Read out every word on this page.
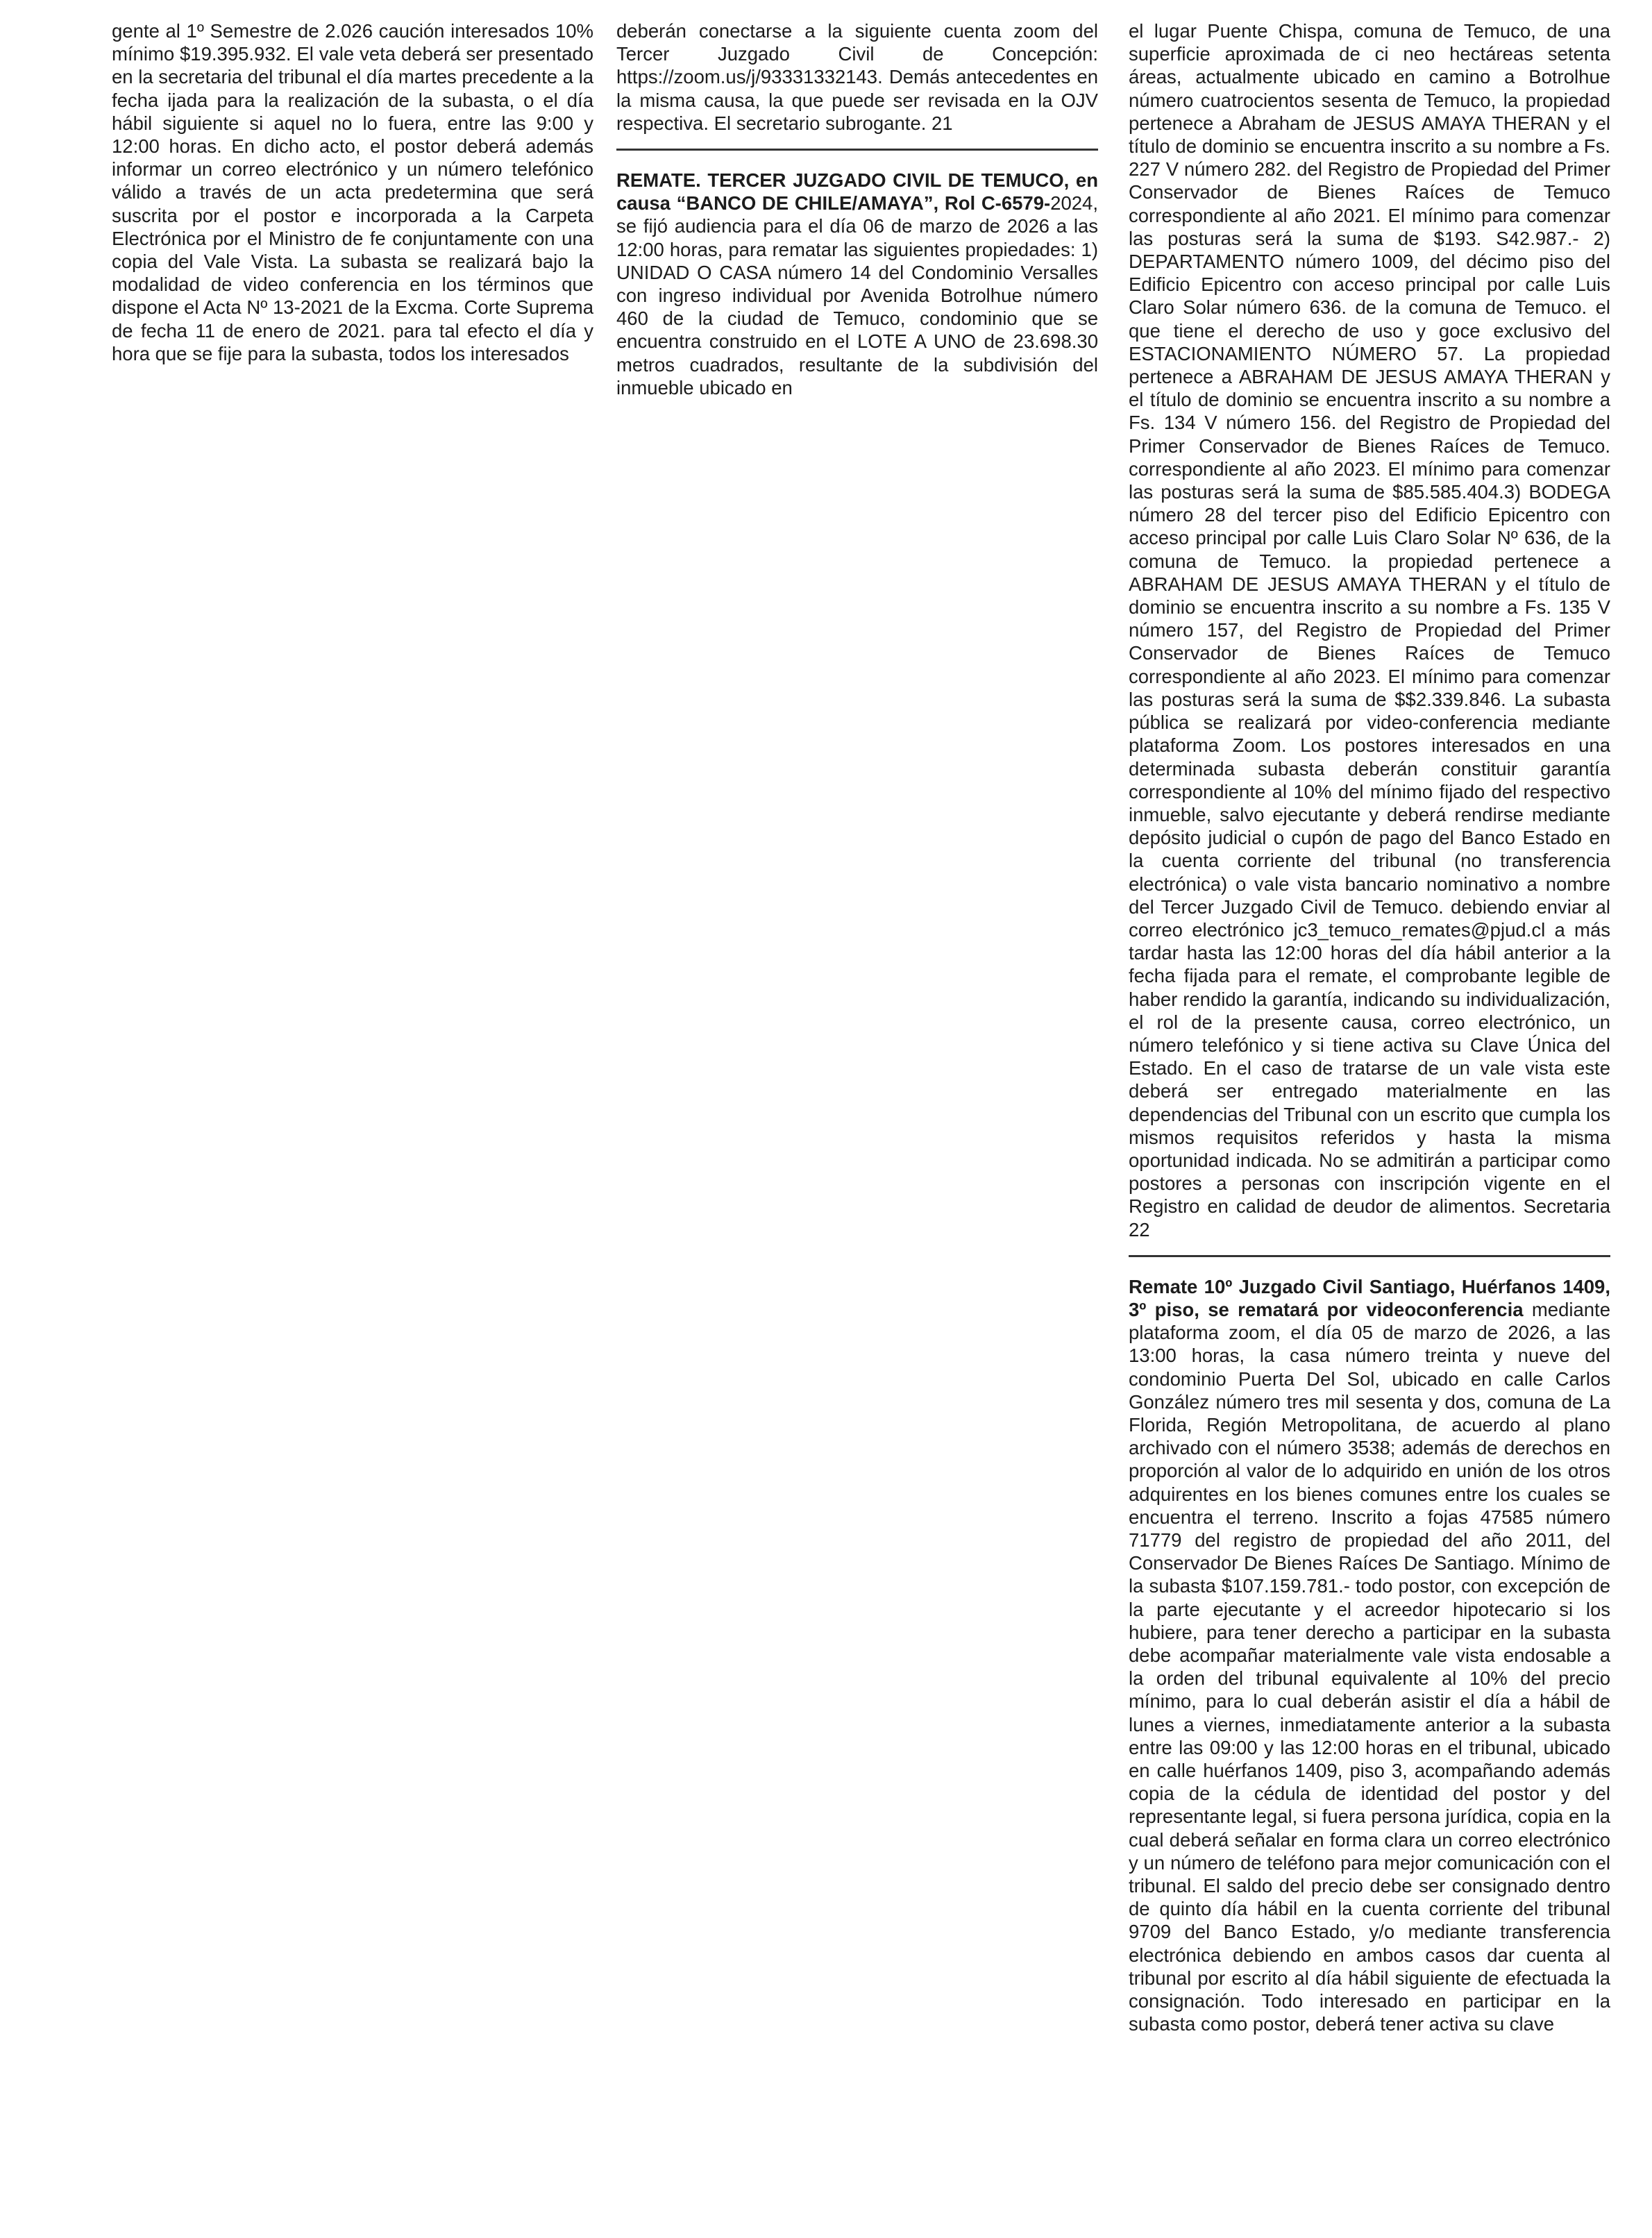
gente al 1º Semestre de 2.026 caución interesados 10% mínimo $19.395.932. El vale veta deberá ser presentado en la secretaria del tribunal el día martes precedente a la fecha ijada para la realización de la subasta, o el día hábil siguiente si aquel no lo fuera, entre las 9:00 y 12:00 horas. En dicho acto, el postor deberá además informar un correo electrónico y un número telefónico válido a través de un acta predetermina que será suscrita por el postor e incorporada a la Carpeta Electrónica por el Ministro de fe conjuntamente con una copia del Vale Vista. La subasta se realizará bajo la modalidad de video conferencia en los términos que dispone el Acta Nº 13-2021 de la Excma. Corte Suprema de fecha 11 de enero de 2021. para tal efecto el día y hora que se fije para la subasta, todos los interesados

deberán conectarse a la siguiente cuenta zoom del Tercer Juzgado Civil de Concepción: https://zoom.us/j/93331332143. Demás antecedentes en la misma causa, la que puede ser revisada en la OJV respectiva. El secretario subrogante. 21

REMATE. TERCER JUZGADO CIVIL DE TEMUCO, en causa “BANCO DE CHILE/AMAYA”, Rol C-6579-2024, se fijó audiencia para el día 06 de marzo de 2026 a las 12:00 horas, para rematar las siguientes propiedades: 1) UNIDAD O CASA número 14 del Condominio Versalles con ingreso individual por Avenida Botrolhue número 460 de la ciudad de Temuco, condominio que se encuentra construido en el LOTE A UNO de 23.698.30 metros cuadrados, resultante de la subdivisión del inmueble ubicado en

el lugar Puente Chispa, comuna de Temuco, de una superficie aproximada de ci neo hectáreas setenta áreas, actualmente ubicado en camino a Botrolhue número cuatrocientos sesenta de Temuco, la propiedad pertenece a Abraham de JESUS AMAYA THERAN y el título de dominio se encuentra inscrito a su nombre a Fs. 227 V número 282. del Registro de Propiedad del Primer Conservador de Bienes Raíces de Temuco correspondiente al año 2021. El mínimo para comenzar las posturas será la suma de $193. S42.987.- 2) DEPARTAMENTO número 1009, del décimo piso del Edificio Epicentro con acceso principal por calle Luis Claro Solar número 636. de la comuna de Temuco. el que tiene el derecho de uso y goce exclusivo del ESTACIONAMIENTO NÚMERO 57. La propiedad pertenece a ABRAHAM DE JESUS AMAYA THERAN y el título de dominio se encuentra inscrito a su nombre a Fs. 134 V número 156. del Registro de Propiedad del Primer Conservador de Bienes Raíces de Temuco. correspondiente al año 2023. El mínimo para comenzar las posturas será la suma de $85.585.404.3) BODEGA número 28 del tercer piso del Edificio Epicentro con acceso principal por calle Luis Claro Solar Nº 636, de la comuna de Temuco. la propiedad pertenece a ABRAHAM DE JESUS AMAYA THERAN y el título de dominio se encuentra inscrito a su nombre a Fs. 135 V número 157, del Registro de Propiedad del Primer Conservador de Bienes Raíces de Temuco correspondiente al año 2023. El mínimo para comenzar las posturas será la suma de $$2.339.846. La subasta pública se realizará por video-conferencia mediante plataforma Zoom. Los postores interesados en una determinada subasta deberán constituir garantía correspondiente al 10% del mínimo fijado del respectivo inmueble, salvo ejecutante y deberá rendirse mediante depósito judicial o cupón de pago del Banco Estado en la cuenta corriente del tribunal (no transferencia electrónica) o vale vista bancario nominativo a nombre del Tercer Juzgado Civil de Temuco. debiendo enviar al correo electrónico jc3_temuco_remates@pjud.cl a más tardar hasta las 12:00 horas del día hábil anterior a la fecha fijada para el remate, el comprobante legible de haber rendido la garantía, indicando su individualización, el rol de la presente causa, correo electrónico, un número telefónico y si tiene activa su Clave Única del Estado. En el caso de tratarse de un vale vista este deberá ser entregado materialmente en las dependencias del Tribunal con un escrito que cumpla los mismos requisitos referidos y hasta la misma oportunidad indicada. No se admitirán a participar como postores a personas con inscripción vigente en el Registro en calidad de deudor de alimentos. Secretaria 22

Remate 10º Juzgado Civil Santiago, Huérfanos 1409, 3º piso, se rematará por videoconferencia mediante plataforma zoom, el día 05 de marzo de 2026, a las 13:00 horas, la casa número treinta y nueve del condominio Puerta Del Sol, ubicado en calle Carlos González número tres mil sesenta y dos, comuna de La Florida, Región Metropolitana, de acuerdo al plano archivado con el número 3538; además de derechos en proporción al valor de lo adquirido en unión de los otros adquirentes en los bienes comunes entre los cuales se encuentra el terreno. Inscrito a fojas 47585 número 71779 del registro de propiedad del año 2011, del Conservador De Bienes Raíces De Santiago. Mínimo de la subasta $107.159.781.- todo postor, con excepción de la parte ejecutante y el acreedor hipotecario si los hubiere, para tener derecho a participar en la subasta debe acompañar materialmente vale vista endosable a la orden del tribunal equivalente al 10% del precio mínimo, para lo cual deberán asistir el día a hábil de lunes a viernes, inmediatamente anterior a la subasta entre las 09:00 y las 12:00 horas en el tribunal, ubicado en calle huérfanos 1409, piso 3, acompañando además copia de la cédula de identidad del postor y del representante legal, si fuera persona jurídica, copia en la cual deberá señalar en forma clara un correo electrónico y un número de teléfono para mejor comunicación con el tribunal. El saldo del precio debe ser consignado dentro de quinto día hábil en la cuenta corriente del tribunal 9709 del Banco Estado, y/o mediante transferencia electrónica debiendo en ambos casos dar cuenta al tribunal por escrito al día hábil siguiente de efectuada la consignación. Todo interesado en participar en la subasta como postor, deberá tener activa su clave
